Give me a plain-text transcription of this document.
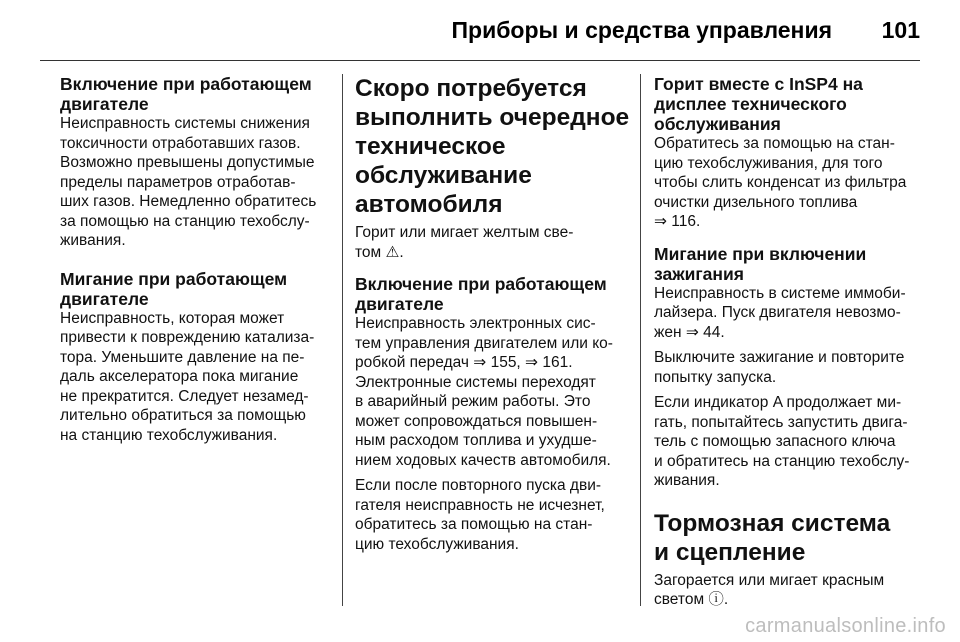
Приборы и средства управления 101
Включение при работающем
двигателе
Неисправность системы снижения
токсичности отработавших газов.
Возможно превышены допустимые
пределы параметров отработав-
ших газов. Немедленно обратитесь
за помощью на станцию техобслу-
живания.
Мигание при работающем
двигателе
Неисправность, которая может
привести к повреждению катализа-
тора. Уменьшите давление на пе-
даль акселератора пока мигание
не прекратится. Следует незамед-
лительно обратиться за помощью
на станцию техобслуживания.
Скоро потребуется
выполнить очередное
техническое
обслуживание
автомобиля
Горит или мигает желтым све-
том ⚠.
Включение при работающем
двигателе
Неисправность электронных сис-
тем управления двигателем или ко-
робкой передач ⇒ 155, ⇒ 161.
Электронные системы переходят
в аварийный режим работы. Это
может сопровождаться повышен-
ным расходом топлива и ухудше-
нием ходовых качеств автомобиля.
Если после повторного пуска дви-
гателя неисправность не исчезнет,
обратитесь за помощью на стан-
цию техобслуживания.
Горит вместе с InSP4 на
дисплее технического
обслуживания
Обратитесь за помощью на стан-
цию техобслуживания, для того
чтобы слить конденсат из фильтра
очистки дизельного топлива
⇒ 116.
Мигание при включении
зажигания
Неисправность в системе иммоби-
лайзера. Пуск двигателя невозмо-
жен ⇒ 44.
Выключите зажигание и повторите
попытку запуска.
Если индикатор A продолжает ми-
гать, попытайтесь запустить двига-
тель с помощью запасного ключа
и обратитесь на станцию техобслу-
живания.
Тормозная система
и сцепление
Загорается или мигает красным
светом ⓘ.
carmanualsonline.info
